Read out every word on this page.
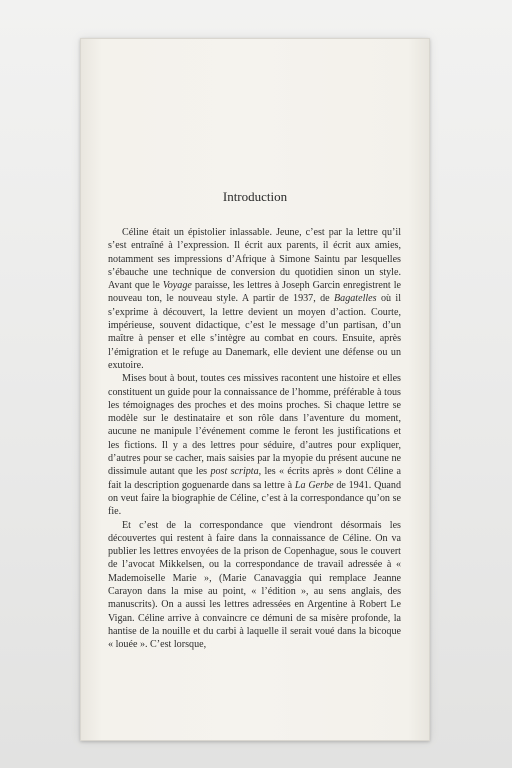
Introduction

Céline était un épistolier inlassable. Jeune, c’est par la lettre qu’il s’est entraîné à l’expression. Il écrit aux parents, il écrit aux amies, notamment ses impressions d’Afrique à Simone Saintu par lesquelles s’ébauche une technique de conversion du quotidien sinon un style. Avant que le Voyage paraisse, les lettres à Joseph Garcin enregistrent le nouveau ton, le nouveau style. A partir de 1937, de Bagatelles où il s’exprime à découvert, la lettre devient un moyen d’action. Courte, impérieuse, souvent didactique, c’est le message d’un partisan, d’un maître à penser et elle s’intègre au combat en cours. Ensuite, après l’émigration et le refuge au Danemark, elle devient une défense ou un exutoire.

Mises bout à bout, toutes ces missives racontent une histoire et elles constituent un guide pour la connaissance de l’homme, préférable à tous les témoignages des proches et des moins proches. Si chaque lettre se modèle sur le destinataire et son rôle dans l’aventure du moment, aucune ne manipule l’événement comme le feront les justifications et les fictions. Il y a des lettres pour séduire, d’autres pour expliquer, d’autres pour se cacher, mais saisies par la myopie du présent aucune ne dissimule autant que les post scripta, les « écrits après » dont Céline a fait la description goguenarde dans sa lettre à La Gerbe de 1941. Quand on veut faire la biographie de Céline, c’est à la correspondance qu’on se fie.

Et c’est de la correspondance que viendront désormais les découvertes qui restent à faire dans la connaissance de Céline. On va publier les lettres envoyées de la prison de Copenhague, sous le couvert de l’avocat Mikkelsen, ou la correspondance de travail adressée à « Mademoiselle Marie », (Marie Canavaggia qui remplace Jeanne Carayon dans la mise au point, « l’édition », au sens anglais, des manuscrits). On a aussi les lettres adressées en Argentine à Robert Le Vigan. Céline arrive à convaincre ce démuni de sa misère profonde, la hantise de la nouille et du carbi à laquelle il serait voué dans la bicoque « louée ». C’est lorsque,
